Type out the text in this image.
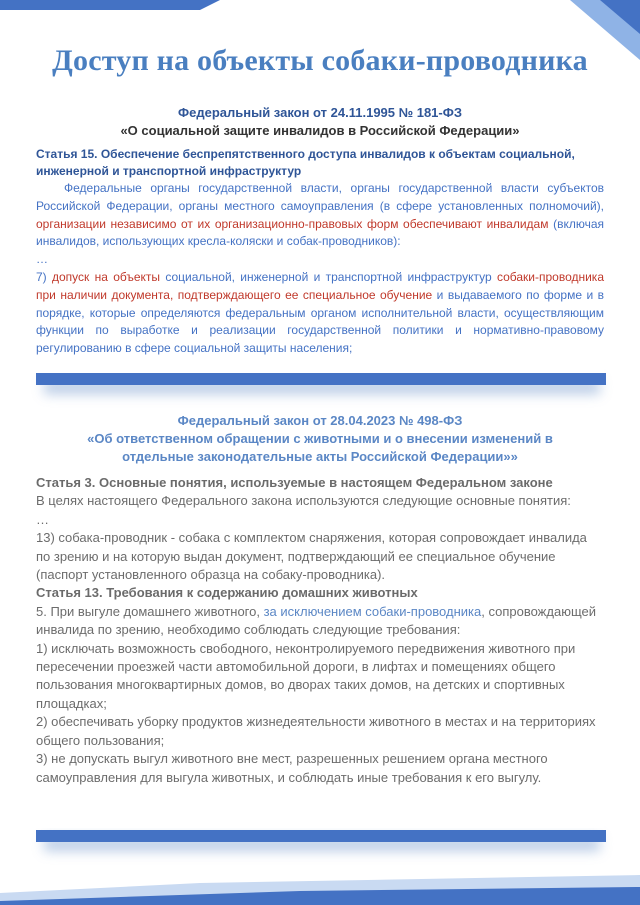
Доступ на объекты собаки-проводника
Федеральный закон от 24.11.1995 № 181-ФЗ
«О социальной защите инвалидов в Российской Федерации»

Статья 15. Обеспечение беспрепятственного доступа инвалидов к объектам социальной, инженерной и транспортной инфраструктур

Федеральные органы государственной власти, органы государственной власти субъектов Российской Федерации, органы местного самоуправления (в сфере установленных полномочий), организации независимо от их организационно-правовых форм обеспечивают инвалидам (включая инвалидов, использующих кресла-коляски и собак-проводников):

…

7) допуск на объекты социальной, инженерной и транспортной инфраструктур собаки-проводника при наличии документа, подтверждающего ее специальное обучение и выдаваемого по форме и в порядке, которые определяются федеральным органом исполнительной власти, осуществляющим функции по выработке и реализации государственной политики и нормативно-правовому регулированию в сфере социальной защиты населения;

Федеральный закон от 28.04.2023 № 498-ФЗ
«Об ответственном обращении с животными и о внесении изменений в
отдельные законодательные акты Российской Федерации»»

Статья 3. Основные понятия, используемые в настоящем Федеральном законе

В целях настоящего Федерального закона используются следующие основные понятия:

…

13) собака-проводник - собака с комплектом снаряжения, которая сопровождает инвалида по зрению и на которую выдан документ, подтверждающий ее специальное обучение (паспорт установленного образца на собаку-проводника).

Статья 13. Требования к содержанию домашних животных

5. При выгуле домашнего животного, за исключением собаки-проводника, сопровождающей инвалида по зрению, необходимо соблюдать следующие требования:

1) исключать возможность свободного, неконтролируемого передвижения животного при пересечении проезжей части автомобильной дороги, в лифтах и помещениях общего пользования многоквартирных домов, во дворах таких домов, на детских и спортивных площадках;

2) обеспечивать уборку продуктов жизнедеятельности животного в местах и на территориях общего пользования;

3) не допускать выгул животного вне мест, разрешенных решением органа местного самоуправления для выгула животных, и соблюдать иные требования к его выгулу.
